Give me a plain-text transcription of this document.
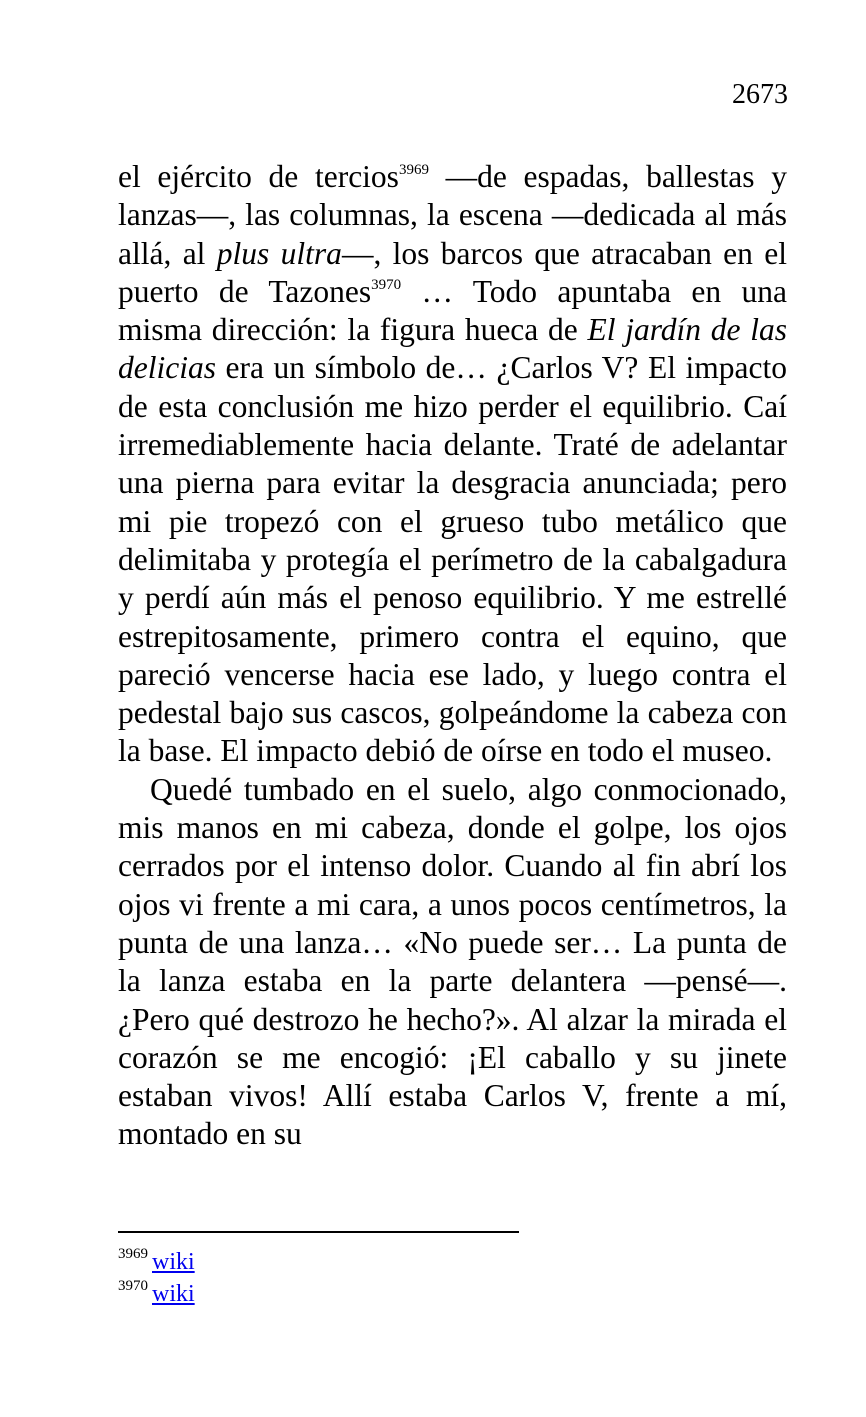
2673

el ejército de tercios$^{3969}$ —de espadas, ballestas y lanzas—, las columnas, la escena —dedicada al más allá, al plus ultra—, los barcos que atracaban en el puerto de Tazones$^{3970}$ … Todo apuntaba en una misma dirección: la figura hueca de El jardín de las delicias era un símbolo de… ¿Carlos V? El impacto de esta conclusión me hizo perder el equilibrio. Caí irremediablemente hacia delante. Traté de adelantar una pierna para evitar la desgracia anunciada; pero mi pie tropezó con el grueso tubo metálico que delimitaba y protegía el perímetro de la cabalgadura y perdí aún más el penoso equilibrio. Y me estrellé estrepitosamente, primero contra el equino, que pareció vencerse hacia ese lado, y luego contra el pedestal bajo sus cascos, golpeándome la cabeza con la base. El impacto debió de oírse en todo el museo.

Quedé tumbado en el suelo, algo conmocionado, mis manos en mi cabeza, donde el golpe, los ojos cerrados por el intenso dolor. Cuando al fin abrí los ojos vi frente a mi cara, a unos pocos centímetros, la punta de una lanza… «No puede ser… La punta de la lanza estaba en la parte delantera —pensé—. ¿Pero qué destrozo he hecho?». Al alzar la mirada el corazón se me encogió: ¡El caballo y su jinete estaban vivos! Allí estaba Carlos V, frente a mí, montado en su

$^{3969}$ wiki
$^{3970}$ wiki
